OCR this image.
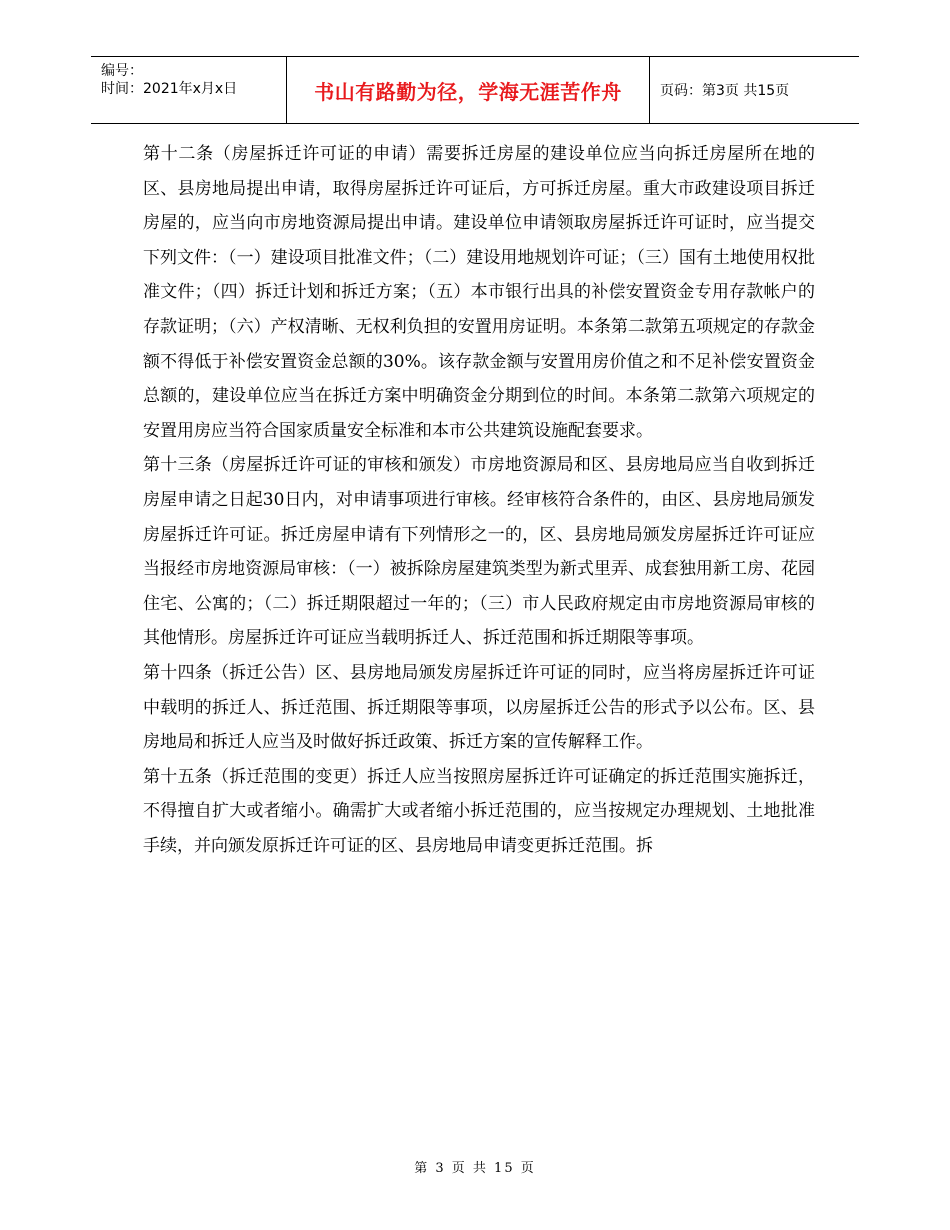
编号：
时间：2021年x月x日	书山有路勤为径，学海无涯苦作舟	页码：第3页 共15页

第十二条（房屋拆迁许可证的申请）需要拆迁房屋的建设单位应当向拆迁房屋所在地的区、县房地局提出申请，取得房屋拆迁许可证后，方可拆迁房屋。重大市政建设项目拆迁房屋的，应当向市房地资源局提出申请。建设单位申请领取房屋拆迁许可证时，应当提交下列文件：（一）建设项目批准文件；（二）建设用地规划许可证；（三）国有土地使用权批准文件；（四）拆迁计划和拆迁方案；（五）本市银行出具的补偿安置资金专用存款帐户的存款证明；（六）产权清晰、无权利负担的安置用房证明。本条第二款第五项规定的存款金额不得低于补偿安置资金总额的30%。该存款金额与安置用房价值之和不足补偿安置资金总额的，建设单位应当在拆迁方案中明确资金分期到位的时间。本条第二款第六项规定的安置用房应当符合国家质量安全标准和本市公共建筑设施配套要求。

第十三条（房屋拆迁许可证的审核和颁发）市房地资源局和区、县房地局应当自收到拆迁房屋申请之日起30日内，对申请事项进行审核。经审核符合条件的，由区、县房地局颁发房屋拆迁许可证。拆迁房屋申请有下列情形之一的，区、县房地局颁发房屋拆迁许可证应当报经市房地资源局审核：（一）被拆除房屋建筑类型为新式里弄、成套独用新工房、花园住宅、公寓的；（二）拆迁期限超过一年的；（三）市人民政府规定由市房地资源局审核的其他情形。房屋拆迁许可证应当载明拆迁人、拆迁范围和拆迁期限等事项。

第十四条（拆迁公告）区、县房地局颁发房屋拆迁许可证的同时，应当将房屋拆迁许可证中载明的拆迁人、拆迁范围、拆迁期限等事项，以房屋拆迁公告的形式予以公布。区、县房地局和拆迁人应当及时做好拆迁政策、拆迁方案的宣传解释工作。

第十五条（拆迁范围的变更）拆迁人应当按照房屋拆迁许可证确定的拆迁范围实施拆迁，不得擅自扩大或者缩小。确需扩大或者缩小拆迁范围的，应当按规定办理规划、土地批准手续，并向颁发原拆迁许可证的区、县房地局申请变更拆迁范围。拆

第 3 页 共 15 页
